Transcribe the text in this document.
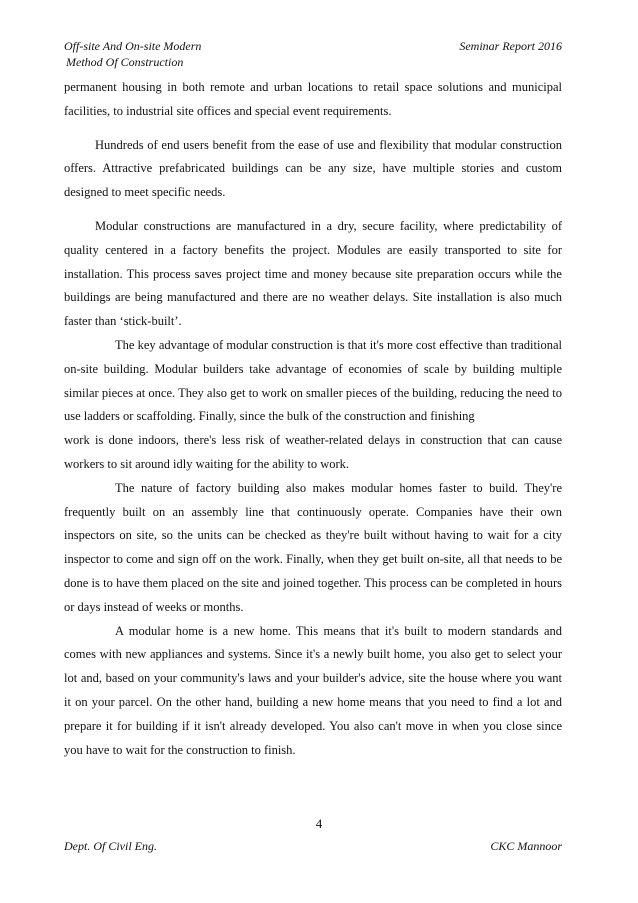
Off-site And On-site Modern
Method Of Construction
Seminar Report 2016

permanent housing in both remote and urban locations to retail space solutions and municipal facilities, to industrial site offices and special event requirements.

Hundreds of end users benefit from the ease of use and flexibility that modular construction offers. Attractive prefabricated buildings can be any size, have multiple stories and custom designed to meet specific needs.

Modular constructions are manufactured in a dry, secure facility, where predictability of quality centered in a factory benefits the project. Modules are easily transported to site for installation. This process saves project time and money because site preparation occurs while the buildings are being manufactured and there are no weather delays. Site installation is also much faster than ‘stick-built’.

The key advantage of modular construction is that it's more cost effective than traditional on-site building. Modular builders take advantage of economies of scale by building multiple similar pieces at once. They also get to work on smaller pieces of the building, reducing the need to use ladders or scaffolding. Finally, since the bulk of the construction and finishing

work is done indoors, there's less risk of weather-related delays in construction that can cause workers to sit around idly waiting for the ability to work.

The nature of factory building also makes modular homes faster to build. They're frequently built on an assembly line that continuously operate. Companies have their own inspectors on site, so the units can be checked as they're built without having to wait for a city inspector to come and sign off on the work. Finally, when they get built on-site, all that needs to be done is to have them placed on the site and joined together. This process can be completed in hours or days instead of weeks or months.

A modular home is a new home. This means that it's built to modern standards and comes with new appliances and systems. Since it's a newly built home, you also get to select your lot and, based on your community's laws and your builder's advice, site the house where you want it on your parcel. On the other hand, building a new home means that you need to find a lot and prepare it for building if it isn't already developed. You also can't move in when you close since you have to wait for the construction to finish.

4
Dept. Of Civil Eng.	CKC Mannoor
